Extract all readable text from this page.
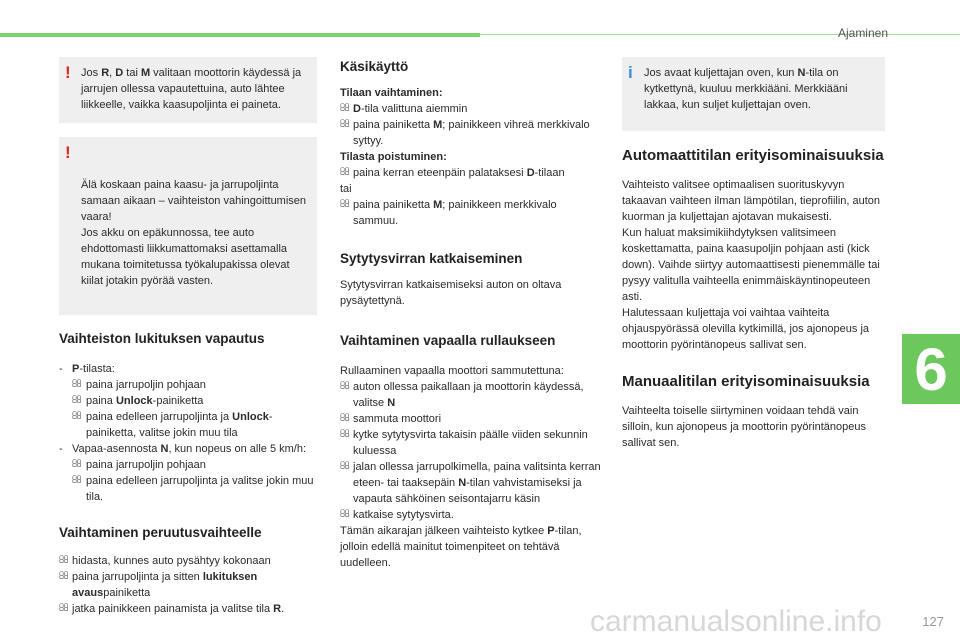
Ajaminen
6
! Jos R, D tai M valitaan moottorin käydessä ja jarrujen ollessa vapautettuina, auto lähtee liikkeelle, vaikka kaasupoljinta ei paineta.

!

Älä koskaan paina kaasu- ja jarrupoljinta samaan aikaan – vaihteiston vahingoittumisen vaara!
Jos akku on epäkunnossa, tee auto ehdottomasti liikkumattomaksi asettamalla mukana toimitetussa työkalupakissa olevat kiilat jotakin pyörää vasten.

Vaihteiston lukituksen vapautus
- P-tilasta:
paina jarrupoljin pohjaan
paina Unlock-painiketta
paina edelleen jarrupoljinta ja Unlock-painiketta, valitse jokin muu tila
- Vapaa-asennosta N, kun nopeus on alle 5 km/h:
paina jarrupoljin pohjaan
paina edelleen jarrupoljinta ja valitse jokin muu tila.
Vaihtaminen peruutusvaihteelle
hidasta, kunnes auto pysähtyy kokonaan
paina jarrupoljinta ja sitten lukituksen avauspainiketta
jatka painikkeen painamista ja valitse tila R.
Käsikäyttö

Tilaan vaihtaminen:

D-tila valittuna aiemmin
paina painiketta M; painikkeen vihreä merkkivalo syttyy.

Tilasta poistuminen:

paina kerran eteenpäin palataksesi D-tilaan

tai

paina painiketta M; painikkeen merkkivalo sammuu.
Sytytysvirran katkaiseminen

Sytytysvirran katkaisemiseksi auton on oltava pysäytettynä.

Vaihtaminen vapaalla rullaukseen

Rullaaminen vapaalla moottori sammutettuna:

auton ollessa paikallaan ja moottorin käydessä, valitse N
sammuta moottori
kytke sytytysvirta takaisin päälle viiden sekunnin kuluessa
jalan ollessa jarrupolkimella, paina valitsinta kerran eteen- tai taaksepäin N-tilan vahvistamiseksi ja vapauta sähköinen seisontajarru käsin
katkaise sytytysvirta.

Tämän aikarajan jälkeen vaihteisto kytkee P-tilan, jolloin edellä mainitut toimenpiteet on tehtävä uudelleen.

i Jos avaat kuljettajan oven, kun N-tila on kytkettynä, kuuluu merkkiääni. Merkkiääni lakkaa, kun suljet kuljettajan oven.

Automaattitilan erityisominaisuuksia

Vaihteisto valitsee optimaalisen suorituskyvyn takaavan vaihteen ilman lämpötilan, tieprofiilin, auton kuorman ja kuljettajan ajotavan mukaisesti.
Kun haluat maksimikiihdytyksen valitsimeen koskettamatta, paina kaasupoljin pohjaan asti (kick down). Vaihde siirtyy automaattisesti pienemmälle tai pysyy valitulla vaihteella enimmäiskäyntinopeuteen asti.
Halutessaan kuljettaja voi vaihtaa vaihteita ohjauspyörässä olevilla kytkimillä, jos ajonopeus ja moottorin pyörintänopeus sallivat sen.

Manuaalitilan erityisominaisuuksia

Vaihteelta toiselle siirtyminen voidaan tehdä vain silloin, kun ajonopeus ja moottorin pyörintänopeus sallivat sen.

carmanualsonline.info	127
